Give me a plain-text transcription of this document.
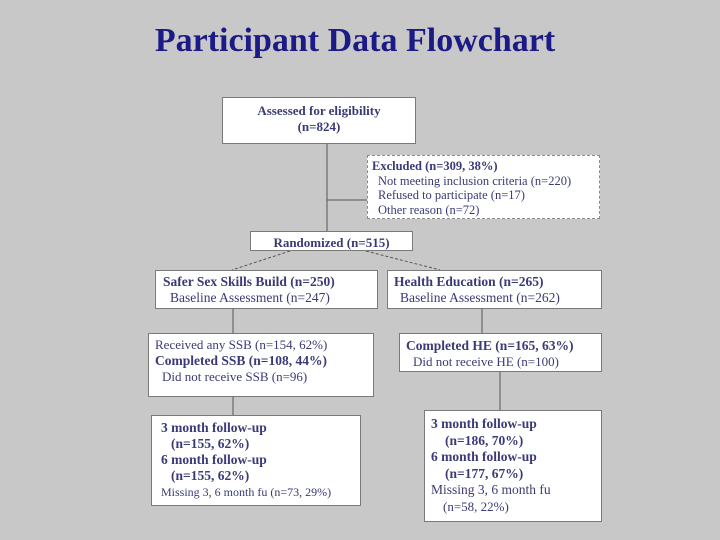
Participant Data Flowchart
Assessed for eligibility
(n=824)
Excluded (n=309, 38%)
Not meeting inclusion criteria (n=220)
Refused to participate (n=17)
Other reason (n=72)
Randomized (n=515)
Safer Sex Skills Build (n=250)
Baseline Assessment (n=247)
Health Education (n=265)
Baseline Assessment (n=262)
Received any SSB (n=154, 62%)
Completed SSB (n=108, 44%)
Did not receive SSB (n=96)
Completed HE (n=165, 63%)
Did not receive HE (n=100)
3 month follow-up
(n=155, 62%)
6 month follow-up
(n=155, 62%)
Missing 3, 6 month fu (n=73, 29%)
3 month follow-up
(n=186, 70%)
6 month follow-up
(n=177, 67%)
Missing 3, 6 month fu
(n=58, 22%)
